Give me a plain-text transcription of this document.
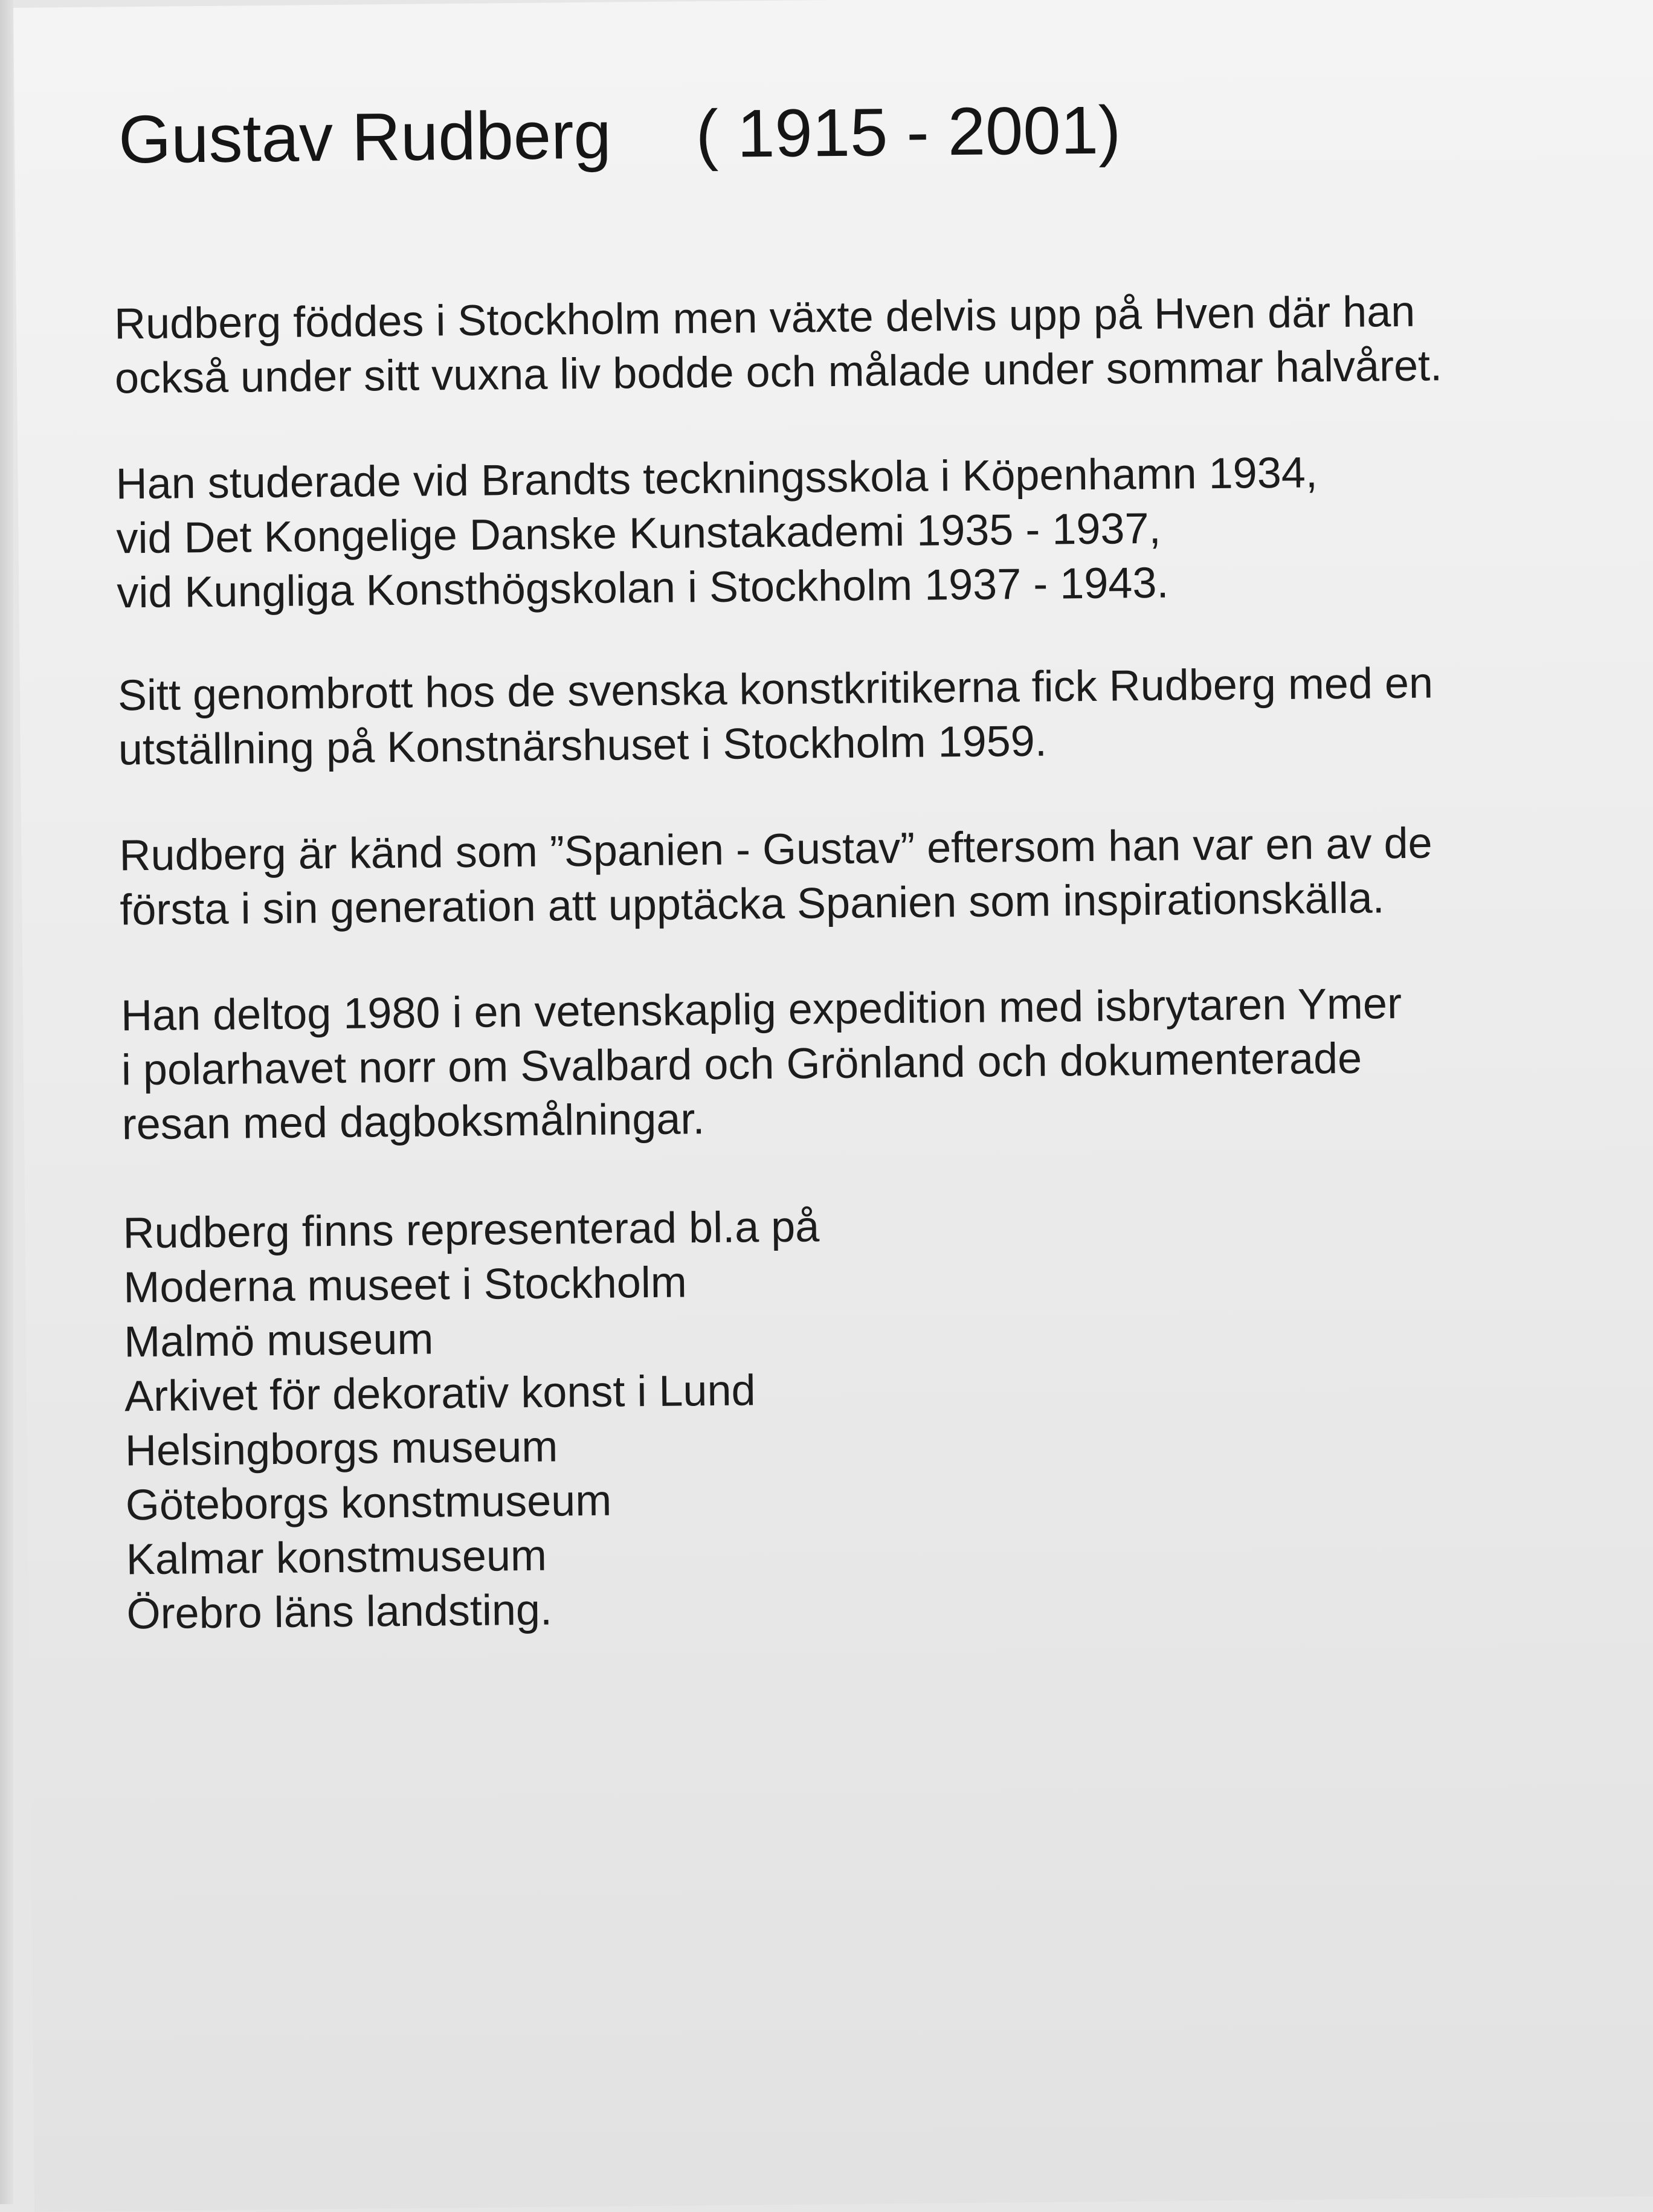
Gustav Rudberg ( 1915 - 2001)

Rudberg föddes i Stockholm men växte delvis upp på Hven där han
också under sitt vuxna liv bodde och målade under sommar halvåret.

Han studerade vid Brandts teckningsskola i Köpenhamn 1934,
vid Det Kongelige Danske Kunstakademi 1935 - 1937,
vid Kungliga Konsthögskolan i Stockholm 1937 - 1943.

Sitt genombrott hos de svenska konstkritikerna fick Rudberg med en
utställning på Konstnärshuset i Stockholm 1959.

Rudberg är känd som ”Spanien - Gustav” eftersom han var en av de
första i sin generation att upptäcka Spanien som inspirationskälla.

Han deltog 1980 i en vetenskaplig expedition med isbrytaren Ymer
i polarhavet norr om Svalbard och Grönland och dokumenterade
resan med dagboksmålningar.

Rudberg finns representerad bl.a på
Moderna museet i Stockholm
Malmö museum
Arkivet för dekorativ konst i Lund
Helsingborgs museum
Göteborgs konstmuseum
Kalmar konstmuseum
Örebro läns landsting.
